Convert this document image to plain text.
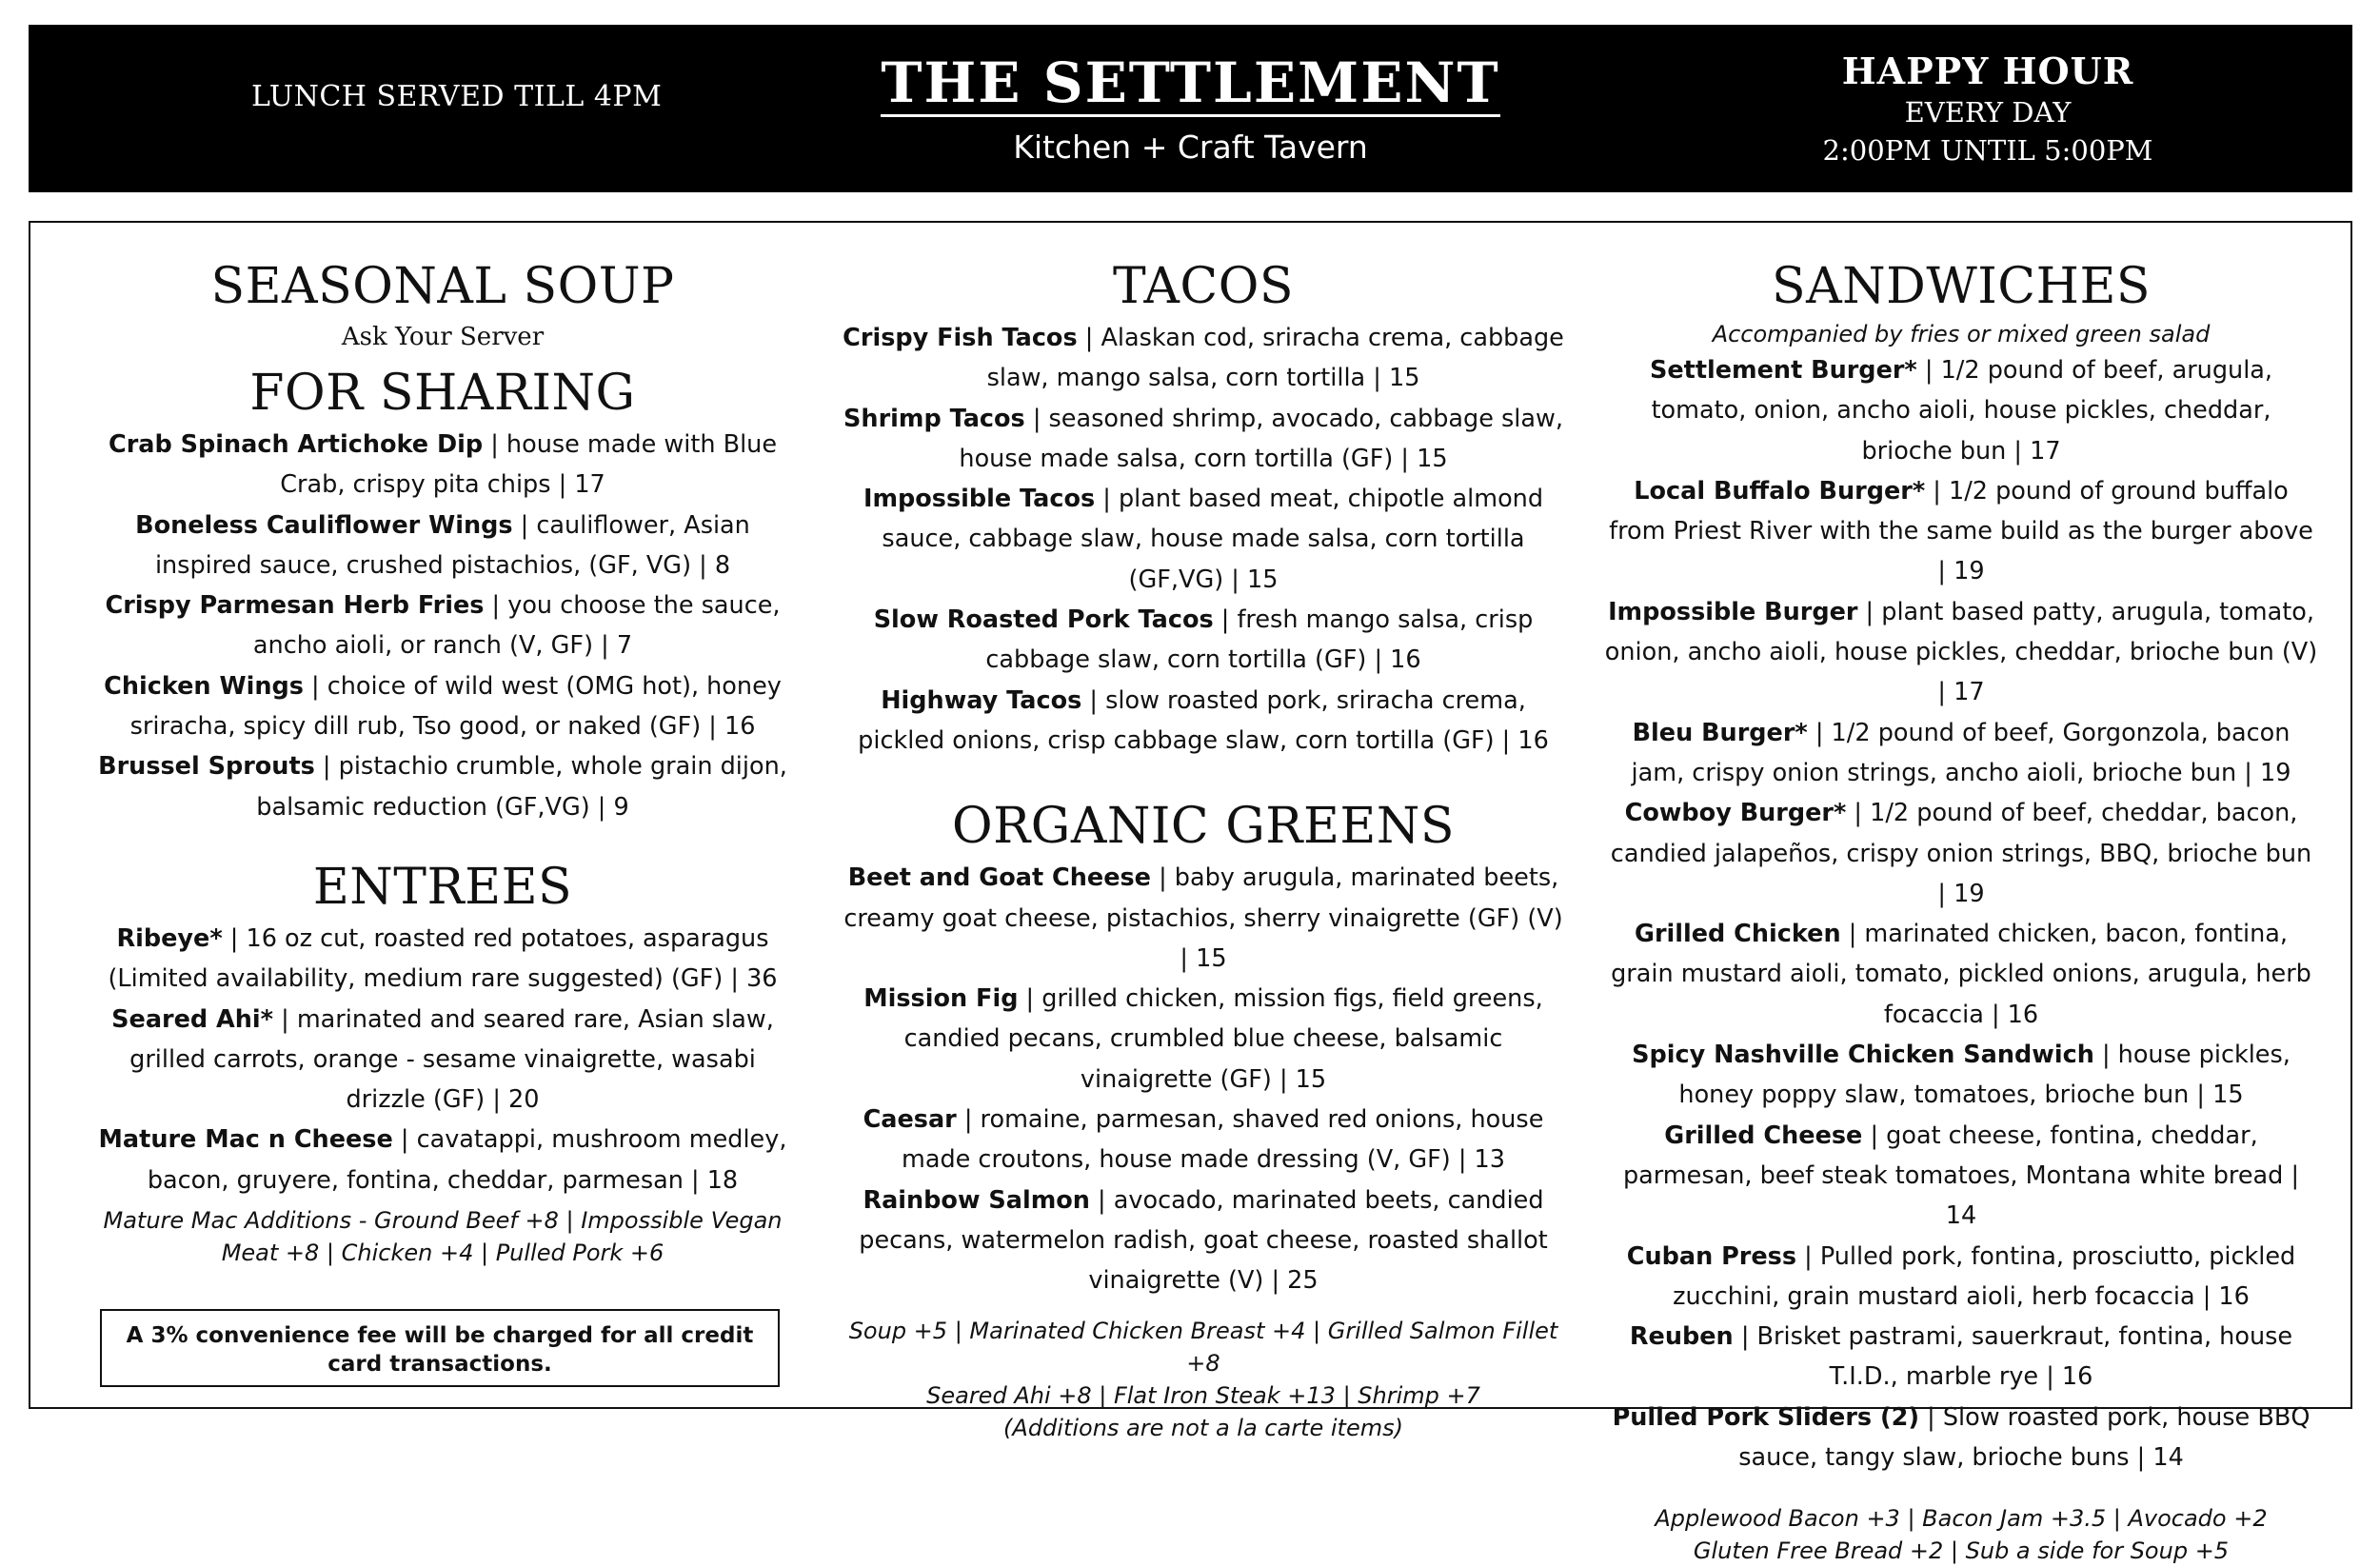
LUNCH SERVED TILL 4PM	THE SETTLEMENT
Kitchen + Craft Tavern
HAPPY HOUR
EVERY DAY
2:00PM UNTIL 5:00PM
SEASONAL SOUP
Ask Your Server
FOR SHARING
Crab Spinach Artichoke Dip | house made with Blue Crab, crispy pita chips | 17
Boneless Cauliflower Wings | cauliflower, Asian inspired sauce, crushed pistachios, (GF, VG) | 8
Crispy Parmesan Herb Fries | you choose the sauce, ancho aioli, or ranch (V, GF) | 7
Chicken Wings | choice of wild west (OMG hot), honey sriracha, spicy dill rub, Tso good, or naked (GF) | 16
Brussel Sprouts | pistachio crumble, whole grain dijon, balsamic reduction (GF,VG) | 9
ENTREES
Ribeye* | 16 oz cut, roasted red potatoes, asparagus (Limited availability, medium rare suggested) (GF) | 36
Seared Ahi* | marinated and seared rare, Asian slaw, grilled carrots, orange - sesame vinaigrette, wasabi drizzle (GF) | 20
Mature Mac n Cheese | cavatappi, mushroom medley, bacon, gruyere, fontina, cheddar, parmesan | 18
Mature Mac Additions - Ground Beef +8 | Impossible Vegan Meat +8 | Chicken +4 | Pulled Pork +6
A 3% convenience fee will be charged for all credit card transactions.
TACOS
Crispy Fish Tacos | Alaskan cod, sriracha crema, cabbage slaw, mango salsa, corn tortilla | 15
Shrimp Tacos | seasoned shrimp, avocado, cabbage slaw, house made salsa, corn tortilla (GF) | 15
Impossible Tacos | plant based meat, chipotle almond sauce, cabbage slaw, house made salsa, corn tortilla (GF,VG) | 15
Slow Roasted Pork Tacos | fresh mango salsa, crisp cabbage slaw, corn tortilla (GF) | 16
Highway Tacos | slow roasted pork, sriracha crema, pickled onions, crisp cabbage slaw, corn tortilla (GF) | 16
ORGANIC GREENS
Beet and Goat Cheese | baby arugula, marinated beets, creamy goat cheese, pistachios, sherry vinaigrette (GF) (V) | 15
Mission Fig | grilled chicken, mission figs, field greens, candied pecans, crumbled blue cheese, balsamic vinaigrette (GF) | 15
Caesar | romaine, parmesan, shaved red onions, house made croutons, house made dressing (V, GF) | 13
Rainbow Salmon | avocado, marinated beets, candied pecans, watermelon radish, goat cheese, roasted shallot vinaigrette (V) | 25
Soup +5 | Marinated Chicken Breast +4 | Grilled Salmon Fillet +8
Seared Ahi +8 | Flat Iron Steak +13 | Shrimp +7
(Additions are not a la carte items)
SANDWICHES
Accompanied by fries or mixed green salad
Settlement Burger* | 1/2 pound of beef, arugula, tomato, onion, ancho aioli, house pickles, cheddar, brioche bun | 17
Local Buffalo Burger* | 1/2 pound of ground buffalo from Priest River with the same build as the burger above | 19
Impossible Burger | plant based patty, arugula, tomato, onion, ancho aioli, house pickles, cheddar, brioche bun (V) | 17
Bleu Burger* | 1/2 pound of beef, Gorgonzola, bacon jam, crispy onion strings, ancho aioli, brioche bun | 19
Cowboy Burger* | 1/2 pound of beef, cheddar, bacon, candied jalapeños, crispy onion strings, BBQ, brioche bun | 19
Grilled Chicken | marinated chicken, bacon, fontina, grain mustard aioli, tomato, pickled onions, arugula, herb focaccia | 16
Spicy Nashville Chicken Sandwich | house pickles, honey poppy slaw, tomatoes, brioche bun | 15
Grilled Cheese | goat cheese, fontina, cheddar, parmesan, beef steak tomatoes, Montana white bread | 14
Cuban Press | Pulled pork, fontina, prosciutto, pickled zucchini, grain mustard aioli, herb focaccia | 16
Reuben | Brisket pastrami, sauerkraut, fontina, house T.I.D., marble rye | 16
Pulled Pork Sliders (2) | Slow roasted pork, house BBQ sauce, tangy slaw, brioche buns | 14
Applewood Bacon +3 | Bacon Jam +3.5 | Avocado +2
Gluten Free Bread +2 | Sub a side for Soup +5
